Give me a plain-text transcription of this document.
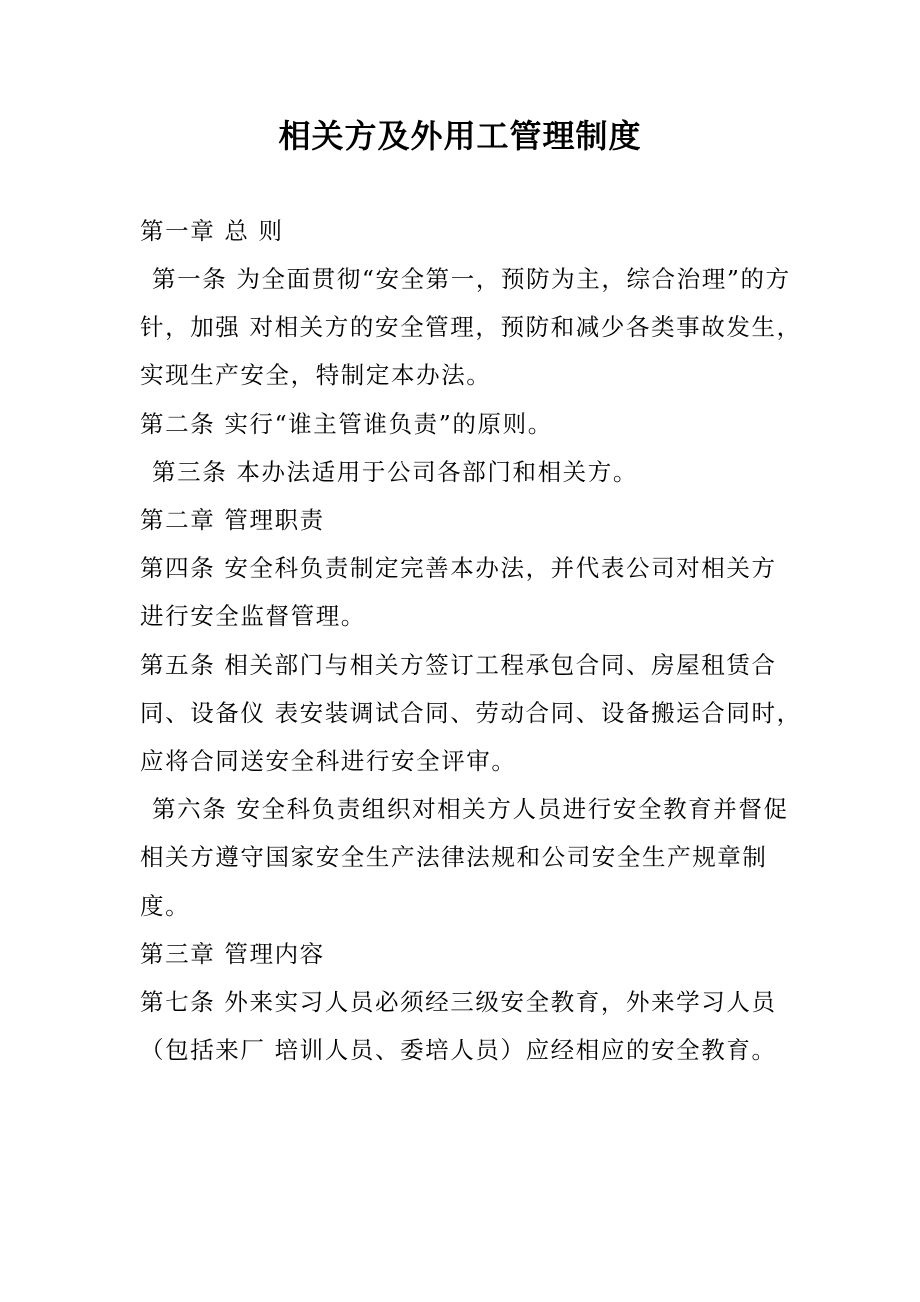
相关方及外用工管理制度
第一章 总 则
第一条 为全面贯彻“安全第一，预防为主，综合治理”的方
针，加强 对相关方的安全管理，预防和减少各类事故发生，
实现生产安全，特制定本办法。
第二条 实行“谁主管谁负责”的原则。
第三条 本办法适用于公司各部门和相关方。
第二章 管理职责
第四条 安全科负责制定完善本办法，并代表公司对相关方
进行安全监督管理。
第五条 相关部门与相关方签订工程承包合同、房屋租赁合
同、设备仪 表安装调试合同、劳动合同、设备搬运合同时，
应将合同送安全科进行安全评审。
第六条 安全科负责组织对相关方人员进行安全教育并督促
相关方遵守国家安全生产法律法规和公司安全生产规章制
度。
第三章 管理内容
第七条 外来实习人员必须经三级安全教育，外来学习人员
（包括来厂 培训人员、委培人员）应经相应的安全教育。
